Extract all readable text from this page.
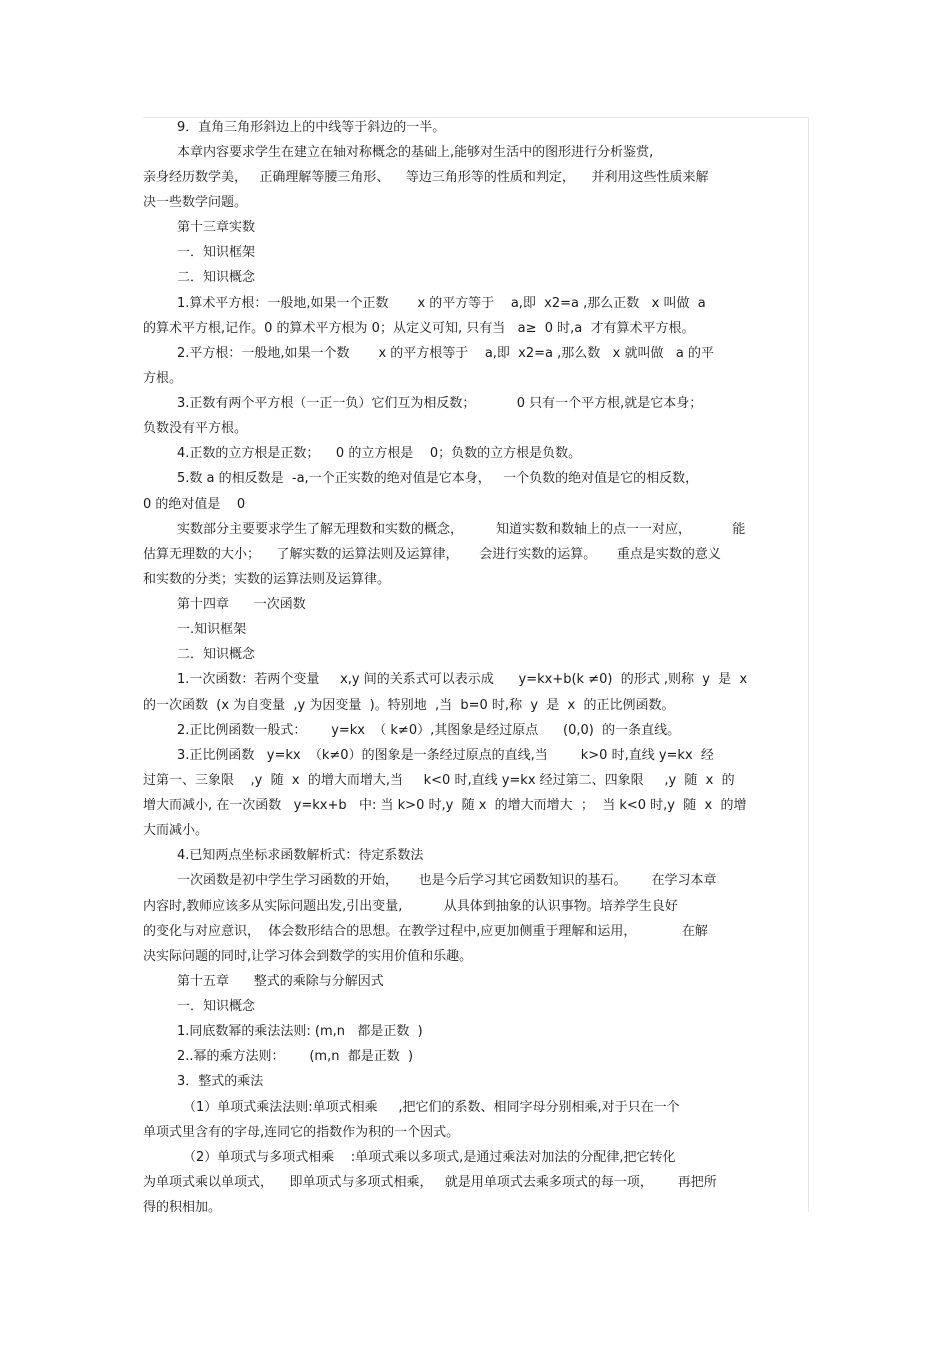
9．直角三角形斜边上的中线等于斜边的一半。
本章内容要求学生在建立在轴对称概念的基础上,能够对生活中的图形进行分析鉴赏,
亲身经历数学美，   正确理解等腰三角形、    等边三角形等的性质和判定，    并利用这些性质来解
决一些数学问题。
第十三章实数
一．知识框架
二．知识概念
1.算术平方根：一般地,如果一个正数       x 的平方等于    a,即  x2=a ,那么正数   x 叫做  a
的算术平方根,记作。0 的算术平方根为 0；从定义可知, 只有当   a≥  0 时,a  才有算术平方根。
2.平方根：一般地,如果一个数       x 的平方根等于    a,即  x2=a ,那么数   x 就叫做   a 的平
方根。
3.正数有两个平方根（一正一负）它们互为相反数；          0 只有一个平方根,就是它本身；
负数没有平方根。
4.正数的立方根是正数；    0 的立方根是    0；负数的立方根是负数。
5.数 a 的相反数是  -a,一个正实数的绝对值是它本身，   一个负数的绝对值是它的相反数，
0 的绝对值是    0
实数部分主要要求学生了解无理数和实数的概念，        知道实数和数轴上的点一一对应，          能
估算无理数的大小；    了解实数的运算法则及运算律，     会进行实数的运算。     重点是实数的意义
和实数的分类；实数的运算法则及运算律。
第十四章      一次函数
一.知识框架
二．知识概念
1.一次函数：若两个变量     x,y 间的关系式可以表示成      y=kx+b(k ≠0)  的形式 ,则称  y  是  x
的一次函数  (x 为自变量  ,y 为因变量  )。特别地  ,当  b=0 时,称  y  是  x  的正比例函数。
2.正比例函数一般式：      y=kx  （ k≠0）,其图象是经过原点      (0,0)  的一条直线。
3.正比例函数   y=kx  （k≠0）的图象是一条经过原点的直线,当        k>0 时,直线 y=kx  经
过第一、三象限    ,y  随  x  的增大而增大,当     k<0 时,直线 y=kx 经过第二、四象限     ,y  随  x  的
增大而减小, 在一次函数   y=kx+b   中: 当 k>0 时,y  随 x  的增大而增大  ；  当 k<0 时,y  随  x  的增
大而减小。
4.已知两点坐标求函数解析式：待定系数法
一次函数是初中学生学习函数的开始，     也是今后学习其它函数知识的基石。      在学习本章
内容时,教师应该多从实际问题出发,引出变量,          从具体到抽象的认识事物。培养学生良好
的变化与对应意识，  体会数形结合的思想。在教学过程中,应更加侧重于理解和运用，           在解
决实际问题的同时,让学习体会到数学的实用价值和乐趣。
第十五章      整式的乘除与分解因式
一．知识概念
1.同底数幂的乘法法则: (m,n   都是正数  )
2..幂的乘方法则：      (m,n  都是正数  )
3．整式的乘法
（1）单项式乘法法则:单项式相乘     ,把它们的系数、相同字母分别相乘,对于只在一个
单项式里含有的字母,连同它的指数作为积的一个因式。
（2）单项式与多项式相乘    :单项式乘以多项式,是通过乘法对加法的分配律,把它转化
为单项式乘以单项式，    即单项式与多项式相乘，   就是用单项式去乘多项式的每一项，      再把所
得的积相加。
